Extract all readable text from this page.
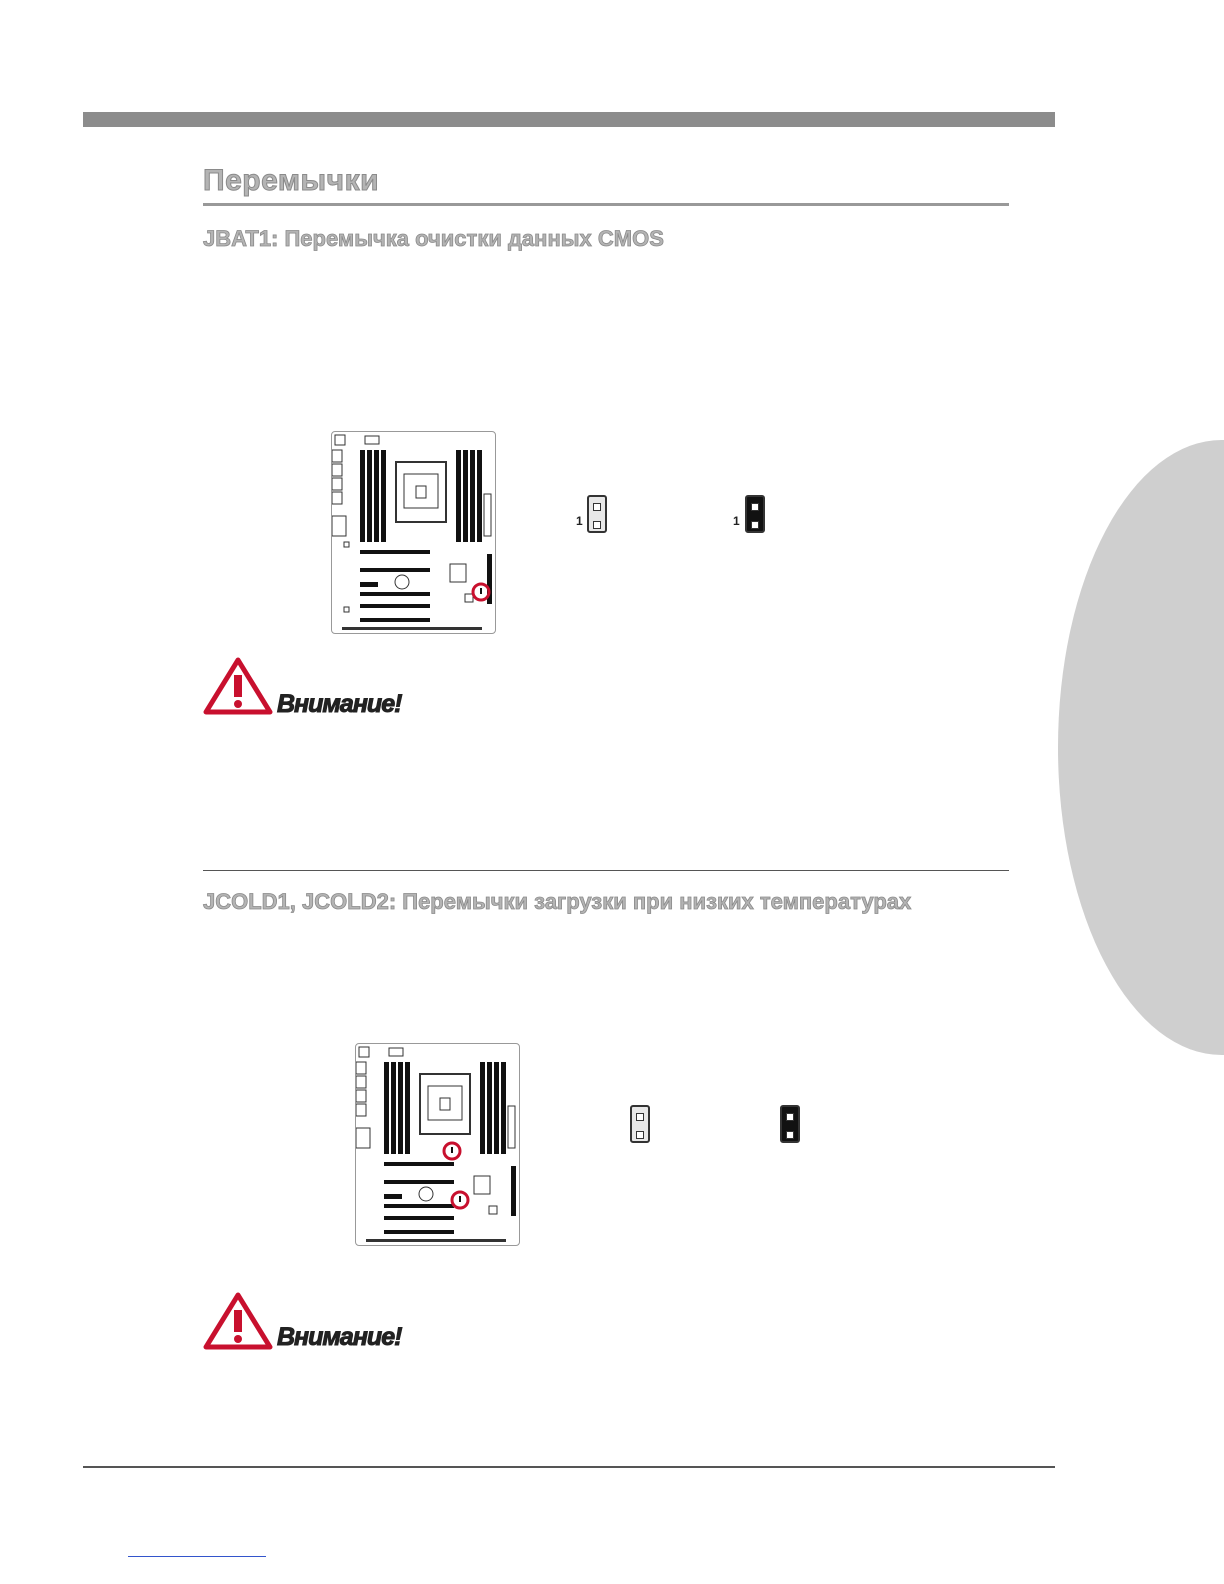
Перемычки
JBAT1: Перемычка очистки данных CMOS
1	1
Внимание!
JCOLD1, JCOLD2: Перемычки загрузки при низких температурах
Внимание!
